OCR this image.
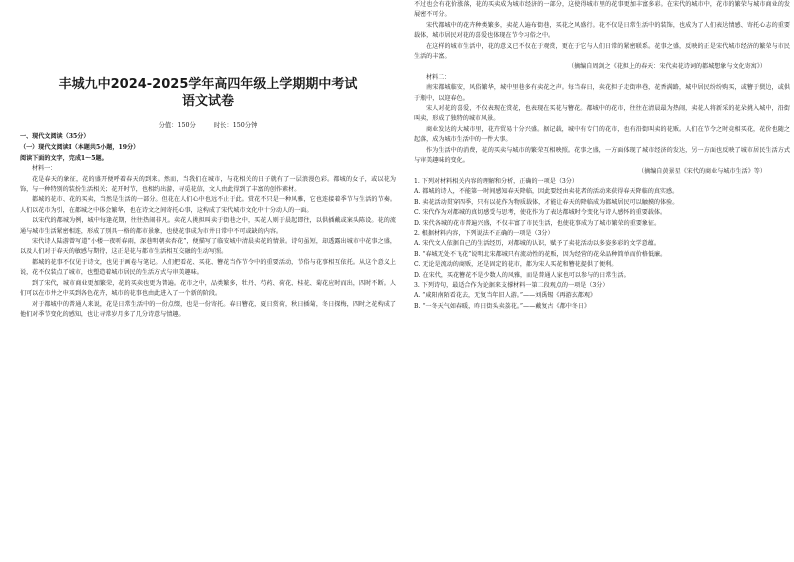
丰城九中2024-2025学年高四年级上学期期中考试
语文试卷
分值：150分	时长：150分钟
一、现代文阅读（35分）
（一）现代文阅读I（本题共5小题，19分）
阅读下面的文字，完成1～5题。
材料一：
花是春天的象征，花的盛开便呼着春天的到来。然而，当我们在城市，与花相关的日子就有了一层浪漫色彩。都城的女子，或以花为饰，与一种特别的装扮生活相关；花开时节，也相约出游，寻觅花信，文人由此得到了丰富的创作素材。
都城的花市、花的买卖，当然是生活的一部分。但花在人们心中也远不止于此。赏花不只是一种风雅，它也连接着季节与生活的节奏。人们以花市为引，在都城之中体会繁华，也在诗文之间寄托心事，这构成了宋代城市文化中十分动人的一面。
以宋代的都城为例，城中每逢花期，往往热闹非凡。卖花人挑担叫卖于街巷之中，买花人则于晨起即往，以供插戴或案头陈设。花的流通与城市生活紧密相连，形成了别具一格的都市景象，也使花事成为市井日常中不可或缺的内容。
宋代诗人陆游曾写道“小楼一夜听春雨，深巷明朝卖杏花”，便描写了临安城中清晨卖花的情景。诗句虽短，却透露出城市中花事之盛，以及人们对于春天的敏感与期待，这正是花与都市生活相互交融的生动写照。
都城的花事不仅见于诗文，也见于画卷与笔记。人们把看花、买花、簪花当作节令中的重要活动，节俗与花事相互依托。从这个意义上说，花不仅装点了城市，也塑造着城市居民的生活方式与审美趣味。
到了宋代，城市商业更加繁荣，花的买卖也更为普遍。花市之中，品类繁多，牡丹、芍药、荷花、桂花、菊花应时而出，四时不断。人们可以在市井之中买到各色花卉，城市的花事也由此进入了一个新的阶段。
对于都城中的普通人来说，花是日常生活中的一份点缀，也是一份寄托。春日簪花，夏日赏荷，秋日插菊，冬日探梅，四时之花构成了他们对季节变化的感知，也让寻常岁月多了几分诗意与情趣。
不过也会有花价涨落，花的买卖成为城市经济的一部分，这使得城市里的花事更加丰富多彩。在宋代的城市中，花市的繁荣与城市商业的发展密不可分。
宋代都城中的花卉种类繁多，卖花人遍布街巷，买花之风盛行。花不仅是日常生活中的装饰，也成为了人们表达情感、寄托心志的重要载体，城市居民对花的喜爱也体现在节令习俗之中。
在这样的城市生活中，花的意义已不仅在于观赏，更在于它与人们日常的紧密联系。花事之盛，反映的正是宋代城市经济的繁荣与市民生活的丰富。
（摘编自周剑之《花担上的春天：宋代卖花诗词的都城想象与文化寄寓》）
材料二：
南宋都城临安，风俗繁华，城中里巷多有卖花之声。每当春日，卖花担子走街串巷，花香满路，城中居民纷纷购买，或簪于鬓边，或供于瓶中，以迎春色。
宋人对花的喜爱，不仅表现在赏花，也表现在买花与簪花。都城中的花市，往往在清晨最为热闹，卖花人将新采的花朵挑入城中，沿街叫卖，形成了独特的城市风景。
商业发达的大城市里，花卉贸易十分兴盛。据记载，城中有专门的花市，也有沿街叫卖的花贩。人们在节令之时竞相买花，花价也随之起落，成为城市生活中的一件大事。
作为生活中的消费，花的买卖与城市的繁荣互相映照。花事之盛，一方面体现了城市经济的发达，另一方面也反映了城市居民生活方式与审美趣味的变化。
（摘编自黄景星《宋代的商业与城市生活》等）
1. 下列对材料相关内容的理解和分析，正确的一项是（3分）
A. 都城的诗人，不能第一时间感知春天降临，因此要经由卖花者的活动来获得春天降临的真实感。
B. 卖花活动贯穿四季，只有以花作为物质载体，才能让春天的降临成为都城居民可以触摸的体验。
C. 宋代作为对都城的真切感受与思考，使花作为了表达都城时令变化与诗人感怀的重要载体。
D. 宋代各城的花市普遍兴盛，不仅丰富了市民生活，也使花事成为了城市繁荣的重要象征。
2. 根据材料内容，下列说法不正确的一项是（3分）
A. 宋代文人依据自己的生活经历，对都城的认识，赋予了卖花活动以多姿多彩的文学意蕴。
B. “春城无处不飞花”说明北宋都城只有流动性的花贩，因为经营的花朵品种简单而价格低廉。
C. 无论是流动的商贩，还是固定的花市，都为宋人买花和簪花提供了便利。
D. 在宋代，买花簪花不是少数人的风雅，而是普通人家也可以参与的日常生活。
3. 下列诗句，最适合作为论据来支撑材料一第二段观点的一项是（3分）
A. “咸阳南陌看花去，无复当年旧人游。”——刘禹锡《再游玄都观》
B. “一冬天气如春暖，昨日街头卖荔花。”——戴复古《都中冬日》
